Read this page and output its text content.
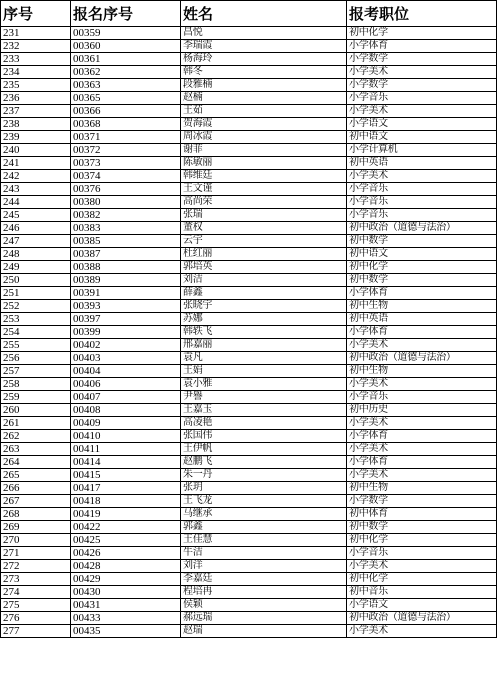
序号	报名序号	姓名	报考职位
231	00359	昌悦	初中化学
232	00360	李瑞霞	小学体育
233	00361	杨海玲	小学数学
234	00362	韩冬	小学美术
235	00363	段雅楠	小学数学
236	00365	赵楠	小学音乐
237	00366	王茹	小学美术
238	00368	贺海霞	小学语文
239	00371	周冰霞	初中语文
240	00372	谢菲	小学计算机
241	00373	陈敏丽	初中英语
242	00374	韩维廷	小学美术
243	00376	王文谨	小学音乐
244	00380	高尚荣	小学音乐
245	00382	张瑞	小学音乐
246	00383	董权	初中政治（道德与法治）
247	00385	云宇	初中数学
248	00387	杜红丽	初中语文
249	00388	郭培英	初中化学
250	00389	刘洁	初中数学
251	00391	薛鑫	小学体育
252	00393	张晓宇	初中生物
253	00397	苏娜	初中英语
254	00399	韩轶飞	小学体育
255	00402	邢嘉丽	小学美术
256	00403	袁凡	初中政治（道德与法治）
257	00404	王娟	初中生物
258	00406	袁小雅	小学美术
259	00407	尹譽	小学音乐
260	00408	王嘉玉	初中历史
261	00409	高凌艳	小学美术
262	00410	张国伟	小学体育
263	00411	王伊帆	小学美术
264	00414	赵鹏飞	小学体育
265	00415	朱一丹	小学美术
266	00417	张玥	初中生物
267	00418	王飞龙	小学数学
268	00419	马继承	初中体育
269	00422	郭鑫	初中数学
270	00425	王佳慧	初中化学
271	00426	牛洁	小学音乐
272	00428	刘洋	小学美术
273	00429	李嘉廷	初中化学
274	00430	程培冉	初中音乐
275	00431	侯颖	小学语文
276	00433	郝远瑞	初中政治（道德与法治）
277	00435	赵瑞	小学美术
